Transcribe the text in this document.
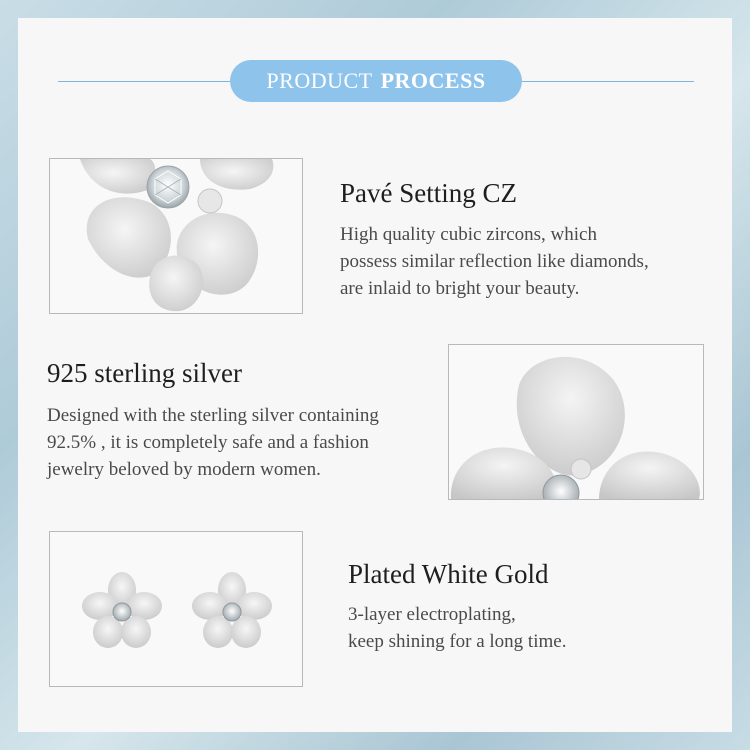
PRODUCT PROCESS
Pavé Setting CZ
High quality cubic zircons, which
possess similar reflection like diamonds,
are inlaid to bright your beauty.
925 sterling silver
Designed with the sterling silver containing
92.5% , it is completely safe and a fashion
jewelry beloved by modern women.
Plated White Gold
3-layer electroplating,
keep shining for a long time.
